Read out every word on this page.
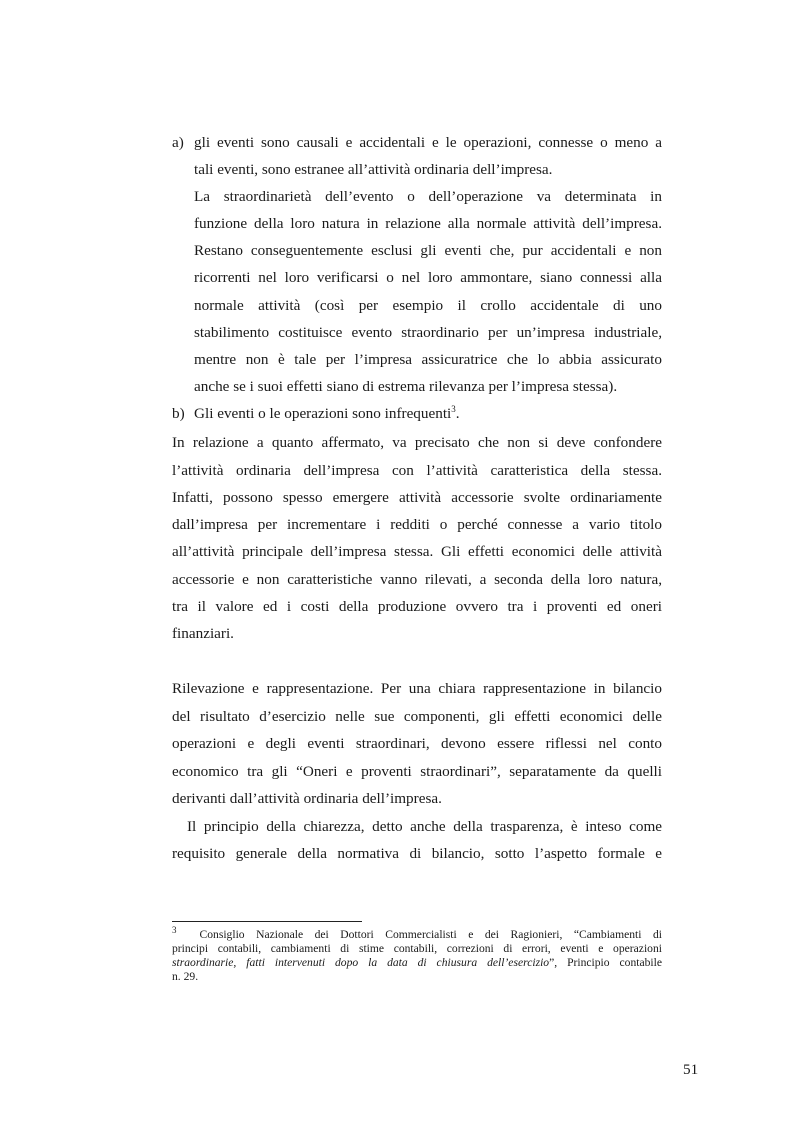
a) gli eventi sono causali e accidentali e le operazioni, connesse o meno a
tali eventi, sono estranee all’attività ordinaria dell’impresa.
La straordinarietà dell’evento o dell’operazione va determinata in
funzione della loro natura in relazione alla normale attività dell’impresa.
Restano conseguentemente esclusi gli eventi che, pur accidentali e non
ricorrenti nel loro verificarsi o nel loro ammontare, siano connessi alla
normale attività (così per esempio il crollo accidentale di uno
stabilimento costituisce evento straordinario per un’impresa industriale,
mentre non è tale per l’impresa assicuratrice che lo abbia assicurato
anche se i suoi effetti siano di estrema rilevanza per l’impresa stessa).
b) Gli eventi o le operazioni sono infrequenti$^3$.
In relazione a quanto affermato, va precisato che non si deve confondere
l’attività ordinaria dell’impresa con l’attività caratteristica della stessa.
Infatti, possono spesso emergere attività accessorie svolte ordinariamente
dall’impresa per incrementare i redditi o perché connesse a vario titolo
all’attività principale dell’impresa stessa. Gli effetti economici delle attività
accessorie e non caratteristiche vanno rilevati, a seconda della loro natura,
tra il valore ed i costi della produzione ovvero tra i proventi ed oneri
finanziari.
Rilevazione e rappresentazione. Per una chiara rappresentazione in bilancio
del risultato d’esercizio nelle sue componenti, gli effetti economici delle
operazioni e degli eventi straordinari, devono essere riflessi nel conto
economico tra gli “Oneri e proventi straordinari”, separatamente da quelli
derivanti dall’attività ordinaria dell’impresa.
Il principio della chiarezza, detto anche della trasparenza, è inteso come
requisito generale della normativa di bilancio, sotto l’aspetto formale e
$^3$ Consiglio Nazionale dei Dottori Commercialisti e dei Ragionieri, “Cambiamenti di
principi contabili, cambiamenti di stime contabili, correzioni di errori, eventi e operazioni
straordinarie, fatti intervenuti dopo la data di chiusura dell’esercizio”, Principio contabile
n. 29.
51
